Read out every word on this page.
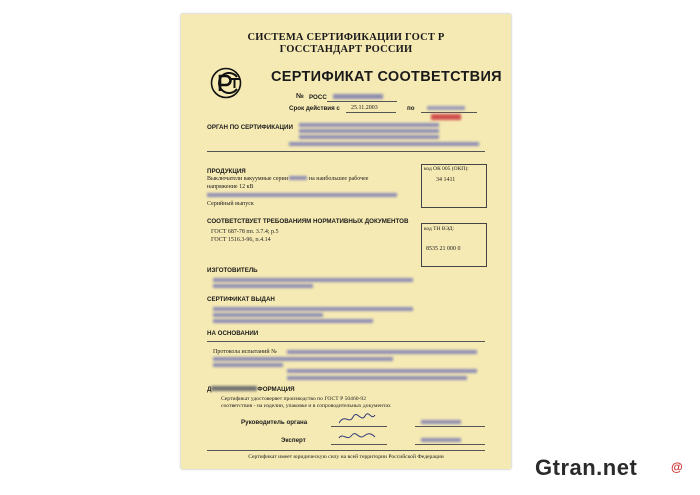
СИСТЕМА СЕРТИФИКАЦИИ ГОСТ Р
ГОССТАНДАРТ РОССИИ
СЕРТИФИКАТ СООТВЕТСТВИЯ
№ РОСС
Срок действия с 25.11.2003	по
ОРГАН ПО СЕРТИФИКАЦИИ
ПРОДУКЦИЯ
Выключатели вакуумные серии	на наибольшее рабочее
напряжение 12 кВ
Серийный выпуск
код ОК 005 (ОКП):
34 1411
СООТВЕТСТВУЕТ ТРЕБОВАНИЯМ НОРМАТИВНЫХ ДОКУМЕНТОВ
ГОСТ 687-78 пп. 3.7.4; р.5
ГОСТ 1516.3-96, п.4.14
код ТН ВЭД:
8535 21 000 0
ИЗГОТОВИТЕЛЬ
СЕРТИФИКАТ ВЫДАН
НА ОСНОВАНИИ
Протокола испытаний №
Д	ФОРМАЦИЯ
Сертификат удостоверяет производство по ГОСТ Р 50460-92
соответствия - на изделии, упаковке и в сопроводительных документах
Руководитель органа
Эксперт
Сертификат имеет юридическую силу на всей территории Российской Федерации	Gtran.net	@
